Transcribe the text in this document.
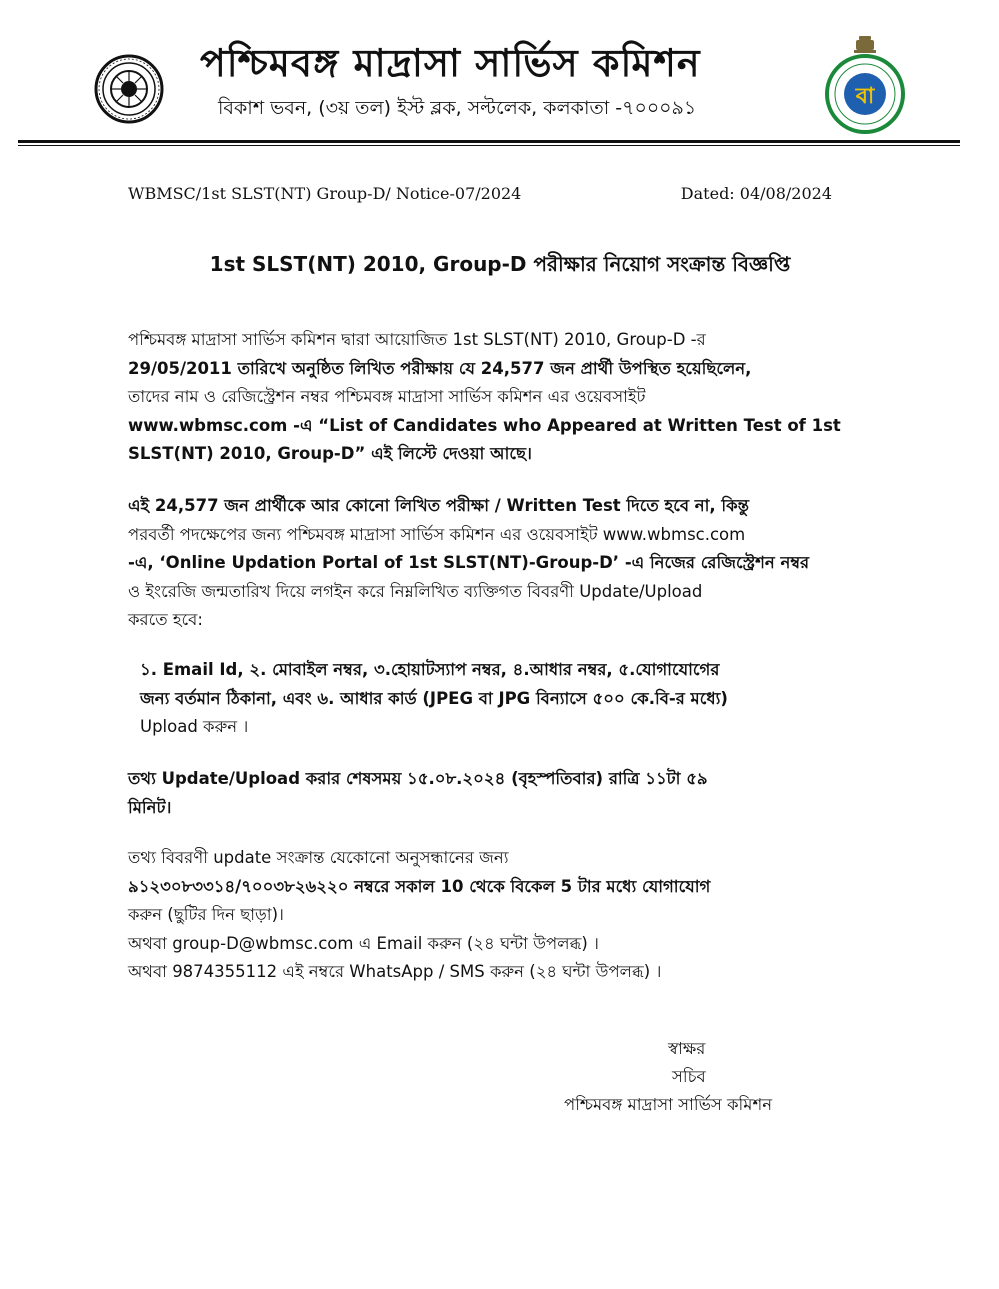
পশ্চিমবঙ্গ মাদ্রাসা সার্ভিস কমিশন
বিকাশ ভবন, (৩য় তল) ইস্ট ব্লক, সল্টলেক, কলকাতা -৭০০০৯১	বা
WBMSC/1st SLST(NT) Group-D/ Notice-07/2024	Dated: 04/08/2024
1st SLST(NT) 2010, Group-D পরীক্ষার নিয়োগ সংক্রান্ত বিজ্ঞপ্তি
পশ্চিমবঙ্গ মাদ্রাসা সার্ভিস কমিশন দ্বারা আয়োজিত 1st SLST(NT) 2010, Group-D -র
29/05/2011 তারিখে অনুষ্ঠিত লিখিত পরীক্ষায় যে 24,577 জন প্রার্থী উপস্থিত হয়েছিলেন,
তাদের নাম ও রেজিস্ট্রেশন নম্বর পশ্চিমবঙ্গ মাদ্রাসা সার্ভিস কমিশন এর ওয়েবসাইট
www.wbmsc.com -এ “List of Candidates who Appeared at Written Test of 1st
SLST(NT) 2010, Group-D” এই লিস্টে দেওয়া আছে।
এই 24,577 জন প্রার্থীকে আর কোনো লিখিত পরীক্ষা / Written Test দিতে হবে না, কিন্তু
পরবর্তী পদক্ষেপের জন্য পশ্চিমবঙ্গ মাদ্রাসা সার্ভিস কমিশন এর ওয়েবসাইট www.wbmsc.com
-এ, ‘Online Updation Portal of 1st SLST(NT)-Group-D’ -এ নিজের রেজিস্ট্রেশন নম্বর
ও ইংরেজি জন্মতারিখ দিয়ে লগইন করে নিম্নলিখিত ব্যক্তিগত বিবরণী Update/Upload
করতে হবে:
১. Email Id, ২. মোবাইল নম্বর, ৩.হোয়াটস্যাপ নম্বর, ৪.আধার নম্বর, ৫.যোগাযোগের
জন্য বর্তমান ঠিকানা, এবং ৬. আধার কার্ড (JPEG বা JPG বিন্যাসে ৫০০ কে.বি-র মধ্যে)
Upload করুন ।
তথ্য Update/Upload করার শেষসময় ১৫.০৮.২০২৪ (বৃহস্পতিবার) রাত্রি ১১টা ৫৯
মিনিট।
তথ্য বিবরণী update সংক্রান্ত যেকোনো অনুসন্ধানের জন্য
৯১২৩০৮৩৩১৪/৭০০৩৮২৬২২০ নম্বরে সকাল 10 থেকে বিকেল 5 টার মধ্যে যোগাযোগ
করুন (ছুটির দিন ছাড়া)।
অথবা group-D@wbmsc.com এ Email করুন (২৪ ঘন্টা উপলব্ধ) ।
অথবা 9874355112 এই নম্বরে WhatsApp / SMS করুন (২৪ ঘন্টা উপলব্ধ) ।
স্বাক্ষর
সচিব
পশ্চিমবঙ্গ মাদ্রাসা সার্ভিস কমিশন
